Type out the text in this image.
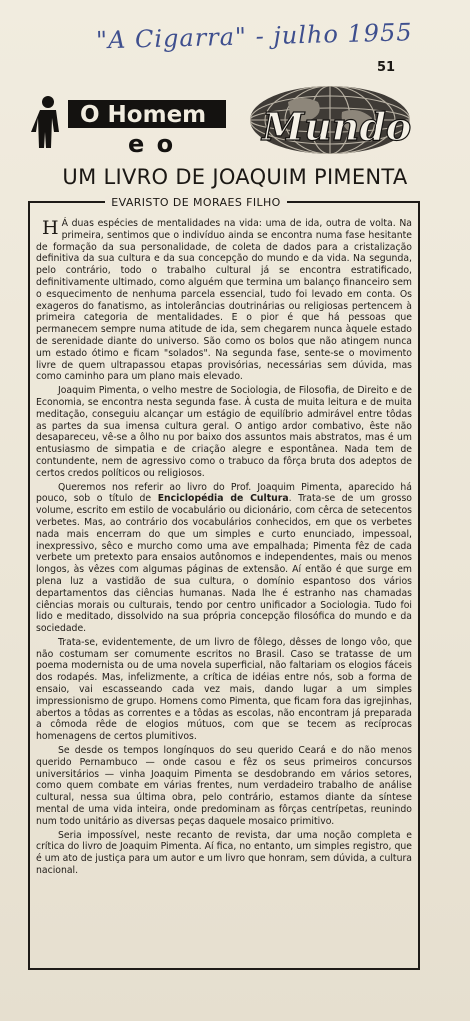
"A Cigarra" - julho 1955
51
O Homem
e o Mundo
UM LIVRO DE JOAQUIM PIMENTA
EVARISTO DE MORAES FILHO

HÁ duas espécies de mentalidades na vida: uma de ida, outra de volta. Na primeira, sentimos que o indivíduo ainda se encontra numa fase hesitante de formação da sua personalidade, de coleta de dados para a cristalização definitiva da sua cultura e da sua concepção do mundo e da vida. Na segunda, pelo contrário, todo o trabalho cultural já se encontra estratificado, definitivamente ultimado, como alguém que termina um balanço financeiro sem o esquecimento de nenhuma parcela essencial, tudo foi levado em conta. Os exageros do fanatismo, as intolerâncias doutrinárias ou religiosas pertencem à primeira categoria de mentalidades. E o pior é que há pessoas que permanecem sempre numa atitude de ida, sem chegarem nunca àquele estado de serenidade diante do universo. São como os bolos que não atingem nunca um estado ótimo e ficam "solados". Na segunda fase, sente-se o movimento livre de quem ultrapassou etapas provisórias, necessárias sem dúvida, mas como caminho para um plano mais elevado.

Joaquim Pimenta, o velho mestre de Sociologia, de Filosofia, de Direito e de Economia, se encontra nesta segunda fase. À custa de muita leitura e de muita meditação, conseguiu alcançar um estágio de equilíbrio admirável entre tôdas as partes da sua imensa cultura geral. O antigo ardor combativo, êste não desapareceu, vê-se a ôlho nu por baixo dos assuntos mais abstratos, mas é um entusiasmo de simpatia e de criação alegre e espontânea. Nada tem de contundente, nem de agressivo como o trabuco da fôrça bruta dos adeptos de certos credos políticos ou religiosos.

Queremos nos referir ao livro do Prof. Joaquim Pimenta, aparecido há pouco, sob o título de Enciclopédia de Cultura. Trata-se de um grosso volume, escrito em estilo de vocabulário ou dicionário, com cêrca de setecentos verbetes. Mas, ao contrário dos vocabulários conhecidos, em que os verbetes nada mais encerram do que um simples e curto enunciado, impessoal, inexpressivo, sêco e murcho como uma ave empalhada; Pimenta fêz de cada verbete um pretexto para ensaios autônomos e independentes, mais ou menos longos, às vêzes com algumas páginas de extensão. Aí então é que surge em plena luz a vastidão de sua cultura, o domínio espantoso dos vários departamentos das ciências humanas. Nada lhe é estranho nas chamadas ciências morais ou culturais, tendo por centro unificador a Sociologia. Tudo foi lido e meditado, dissolvido na sua própria concepção filosófica do mundo e da sociedade.

Trata-se, evidentemente, de um livro de fôlego, dêsses de longo vôo, que não costumam ser comumente escritos no Brasil. Caso se tratasse de um poema modernista ou de uma novela superficial, não faltariam os elogios fáceis dos rodapés. Mas, infelizmente, a crítica de idéias entre nós, sob a forma de ensaio, vai escasseando cada vez mais, dando lugar a um simples impressionismo de grupo. Homens como Pimenta, que ficam fora das igrejinhas, abertos a tôdas as correntes e a tôdas as escolas, não encontram já preparada a cômoda rêde de elogios mútuos, com que se tecem as recíprocas homenagens de certos plumitivos.

Se desde os tempos longínquos do seu querido Ceará e do não menos querido Pernambuco — onde casou e fêz os seus primeiros concursos universitários — vinha Joaquim Pimenta se desdobrando em vários setores, como quem combate em várias frentes, num verdadeiro trabalho de análise cultural, nessa sua última obra, pelo contrário, estamos diante da síntese mental de uma vida inteira, onde predominam as fôrças centrípetas, reunindo num todo unitário as diversas peças daquele mosaico primitivo.

Seria impossível, neste recanto de revista, dar uma noção completa e crítica do livro de Joaquim Pimenta. Aí fica, no entanto, um simples registro, que é um ato de justiça para um autor e um livro que honram, sem dúvida, a cultura nacional.
